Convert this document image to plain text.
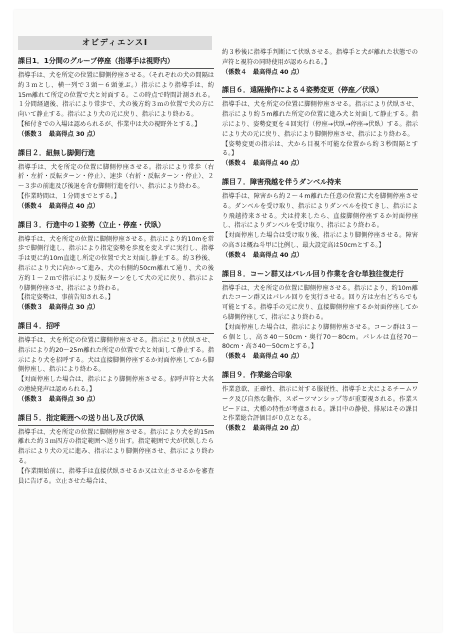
オビディエンスⅠ
課目1．1分間のグループ停座（指導手は視野内）
指導手は、犬を所定の位置に脚側停座させる。（それぞれの犬の間隔は約３ｍとし、横一列で３頭～６頭並ぶ。）指示により指導手は、約15m離れて所定の位置で犬と対面する。この時点で時間計測される。１分間経過後、指示により常歩で、犬の後方約３ｍの位置で犬の方に向いて静止する。指示により犬の元に戻り、指示により終わる。
【秘付きでの入場は認められるが、作業中は犬の視野外とする。】
（係数３　最高得点 30 点）
課目２．紐無し脚側行進
指導手は、犬を所定の位置に脚側停座させる。指示により常歩（右折・左折・反転ターン・停止）、速歩（右折・反転ターン・停止）、２～３歩の前進及び後退を含む脚側行進を行い、指示により終わる。
【作業時間は、１分間までとする。】
（係数４　最高得点 40 点）
課目３．行進中の１姿勢（立止・停座・伏臥）
指導手は、犬を所定の位置に脚側停座させる。指示により約10mを常歩で脚側行進し、指示により指定姿勢を歩度を変えずに実行し、指導手は更に約10m直進し所定の位置で犬と対面し静止する。約３秒後、指示により犬に向かって進み、犬の右側約50cm離れて通り、犬の後方約１～２ｍで指示により反転ターンをして犬の元に戻り、指示により脚側停座させ、指示により終わる。
【指定姿勢は、事前告知される。】
（係数３　最高得点 30 点）
課目４．招呼
指導手は、犬を所定の位置に脚側停座させる。指示により伏臥させ、指示により約20～25m離れた所定の位置で犬と対面して静止する。指示により犬を招呼する。犬は直接脚側停座するか対面停座してから脚側停座し、指示により終わる。
【対面停座した場合は、指示により脚側停座させる。招呼声符と犬名の連続発声は認められる。】
（係数３　最高得点 30 点）
課目５．指定範囲への送り出し及び伏臥
指導手は、犬を所定の位置に脚側停座させる。指示により犬を約15m離れた約３ｍ四方の指定範囲へ送り出す。指定範囲で犬が伏臥したら指示により犬の元に進み、指示により脚側停座させ、指示により終わる。
【作業開始前に、指導手は直接伏臥させるか又は立止させるかを審査員に告げる。立止させた場合は、
約３秒後に指導手判断にて伏臥させる。指導手と犬が離れた状態での声符と視符の同時使用が認められる。】
（係数４　最高得点 40 点）
課目６．遠隔操作による４姿勢変更（停座／伏臥）
指導手は、犬を所定の位置に脚側停座させる。指示により伏臥させ、指示により約５m離れた所定の位置に進み犬と対面して静止する。指示により、姿勢変更を４回実行（停座→伏臥→停座→伏臥）する。指示により犬の元に戻り、指示により脚側停座させ、指示により終わる。
【姿勢変更の指示は、犬から目視不可能な位置から約３秒間隔とする。】
（係数４　最高得点 40 点）
課目７．障害飛越を伴うダンベル持来
指導手は、障害から約２～４m離れた任意の位置に犬を脚側停座させる。ダンベルを受け取り、指示によりダンベルを投てきし、指示により飛越持来させる。犬は持来したら、直接脚側停座するか対面停座し、指示によりダンベルを受け取り、指示により終わる。
【対面停座した場合は受け取り後、指示により脚側停座させる。障害の高さは概ね斗甲に比例し、最大設定高は50cmとする。】
（係数４　最高得点 40 点）
課目８．コーン群又はパレル回り作業を含む単独往復走行
指導手は、犬を所定の位置に脚側停座させる。指示により、約10m離れたコーン群又はパレル回りを実行させる。回り方は左右どちらでも可能とする。指導手の元に戻り、直接脚側停座するか対面停座してから脚側停座して、指示により終わる。
【対面停座した場合は、指示により脚側停座させる。コーン群は３～６個とし、高さ40～50cm・奥行70～80cm。パレルは直径70～80cm・高さ40～50cmとする。】
（係数４　最高得点 40 点）
課目９．作業総合印象
作業意欲、正確性、指示に対する服従性、指導手と犬によるチームワーク及び自然な動作、スポーツマンシップ等が重要視される。作業スピードは、犬種の特性が考慮される。課目中の静使、排尿はその課目と作業総合評価目が０点となる。
（係数２　最高得点 20 点）
